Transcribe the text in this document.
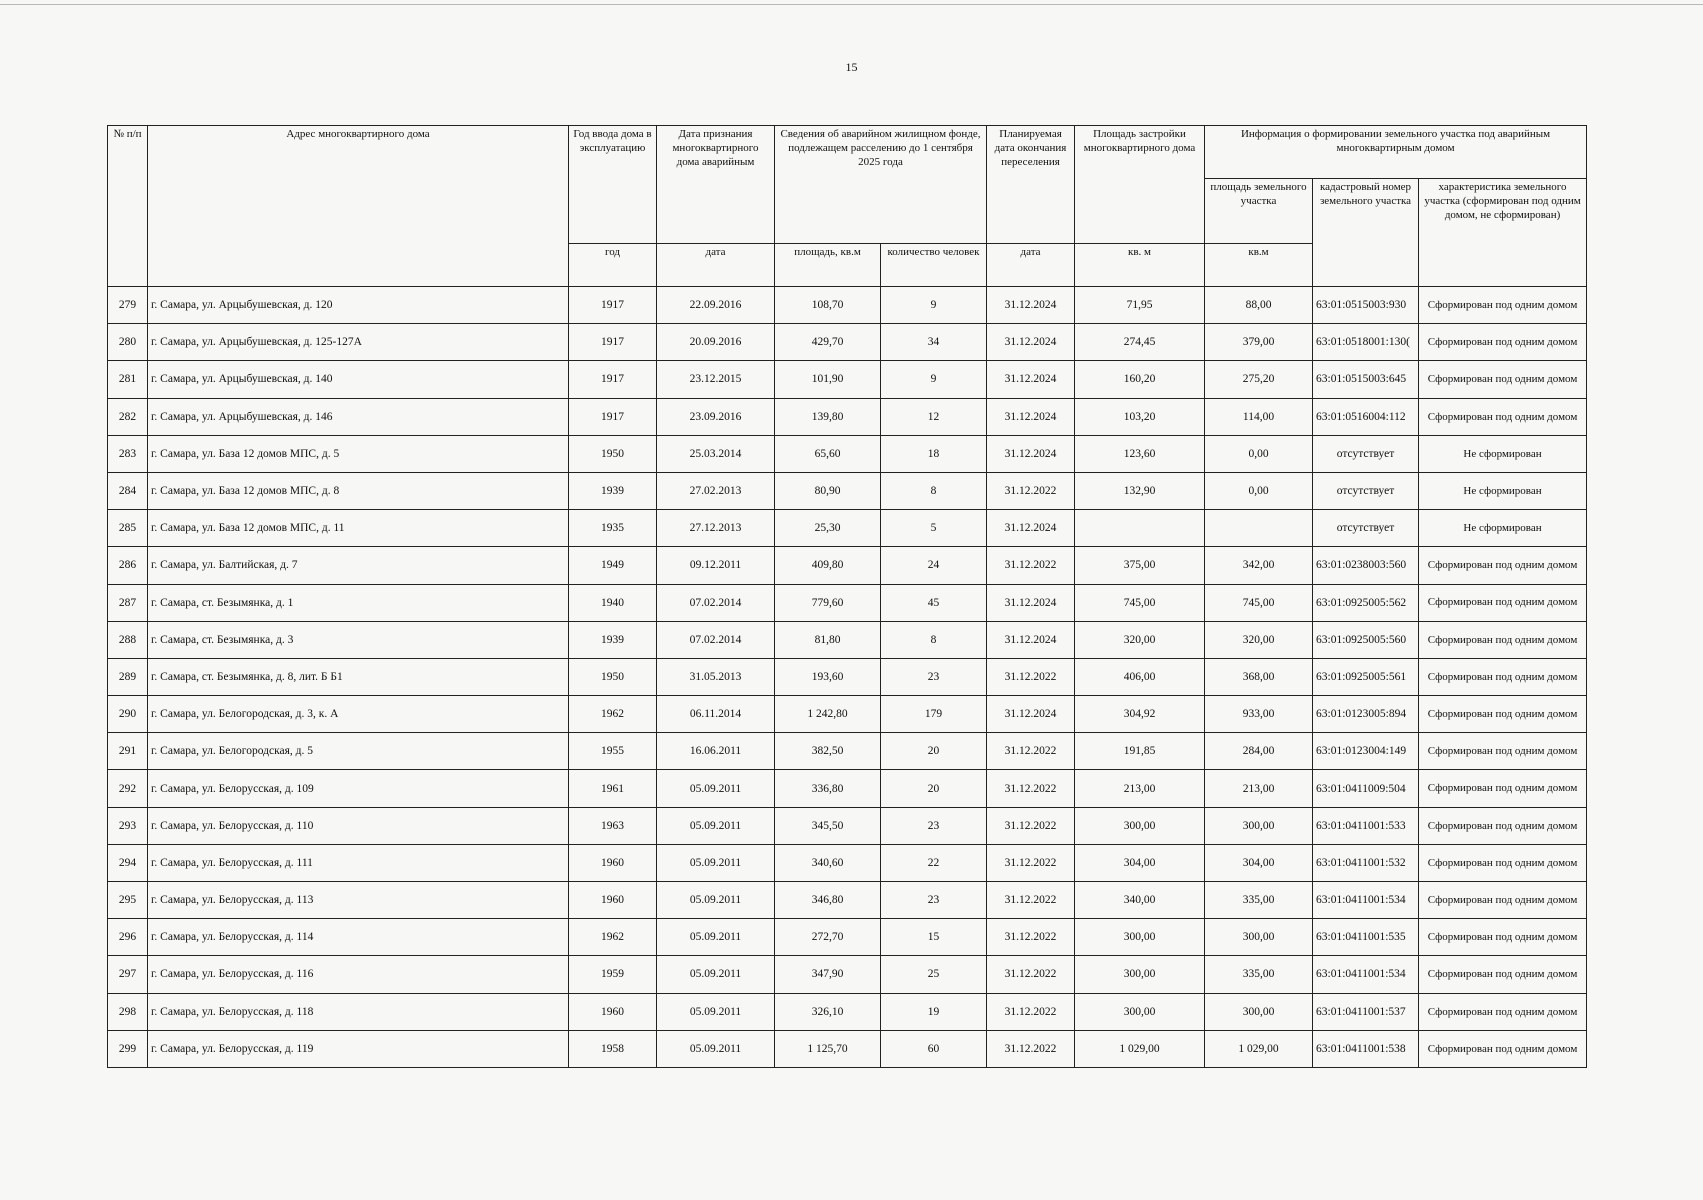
15
№ п/п	Адрес многоквартирного дома	Год ввода дома в эксплуатацию	Дата признания многоквартирного дома аварийным	Сведения об аварийном жилищном фонде, подлежащем расселению до 1 сентября 2025 года		Планируемая дата окончания переселения	Площадь застройки многоквартирного дома	Информация о формировании земельного участка под аварийным многоквартирным домом		
								площадь земельного участка	кадастровый номер земельного участка	характеристика земельного участка (сформирован под одним домом, не сформирован)
		год	дата	площадь, кв.м	количество человек	дата	кв. м	кв.м		
279	г. Самара, ул. Арцыбушевская, д. 120	1917	22.09.2016	108,70	9	31.12.2024	71,95	88,00	63:01:0515003:930	Сформирован под одним домом
280	г. Самара, ул. Арцыбушевская, д. 125-127А	1917	20.09.2016	429,70	34	31.12.2024	274,45	379,00	63:01:0518001:130(	Сформирован под одним домом
281	г. Самара, ул. Арцыбушевская, д. 140	1917	23.12.2015	101,90	9	31.12.2024	160,20	275,20	63:01:0515003:645	Сформирован под одним домом
282	г. Самара, ул. Арцыбушевская, д. 146	1917	23.09.2016	139,80	12	31.12.2024	103,20	114,00	63:01:0516004:112	Сформирован под одним домом
283	г. Самара, ул. База 12 домов МПС, д. 5	1950	25.03.2014	65,60	18	31.12.2024	123,60	0,00	отсутствует	Не сформирован
284	г. Самара, ул. База 12 домов МПС, д. 8	1939	27.02.2013	80,90	8	31.12.2022	132,90	0,00	отсутствует	Не сформирован
285	г. Самара, ул. База 12 домов МПС, д. 11	1935	27.12.2013	25,30	5	31.12.2024			отсутствует	Не сформирован
286	г. Самара, ул. Балтийская, д. 7	1949	09.12.2011	409,80	24	31.12.2022	375,00	342,00	63:01:0238003:560	Сформирован под одним домом
287	г. Самара, ст. Безымянка, д. 1	1940	07.02.2014	779,60	45	31.12.2024	745,00	745,00	63:01:0925005:562	Сформирован под одним домом
288	г. Самара, ст. Безымянка, д. 3	1939	07.02.2014	81,80	8	31.12.2024	320,00	320,00	63:01:0925005:560	Сформирован под одним домом
289	г. Самара, ст. Безымянка, д. 8, лит. Б Б1	1950	31.05.2013	193,60	23	31.12.2022	406,00	368,00	63:01:0925005:561	Сформирован под одним домом
290	г. Самара, ул. Белогородская, д. 3, к. А	1962	06.11.2014	1 242,80	179	31.12.2024	304,92	933,00	63:01:0123005:894	Сформирован под одним домом
291	г. Самара, ул. Белогородская, д. 5	1955	16.06.2011	382,50	20	31.12.2022	191,85	284,00	63:01:0123004:149	Сформирован под одним домом
292	г. Самара, ул. Белорусская, д. 109	1961	05.09.2011	336,80	20	31.12.2022	213,00	213,00	63:01:0411009:504	Сформирован под одним домом
293	г. Самара, ул. Белорусская, д. 110	1963	05.09.2011	345,50	23	31.12.2022	300,00	300,00	63:01:0411001:533	Сформирован под одним домом
294	г. Самара, ул. Белорусская, д. 111	1960	05.09.2011	340,60	22	31.12.2022	304,00	304,00	63:01:0411001:532	Сформирован под одним домом
295	г. Самара, ул. Белорусская, д. 113	1960	05.09.2011	346,80	23	31.12.2022	340,00	335,00	63:01:0411001:534	Сформирован под одним домом
296	г. Самара, ул. Белорусская, д. 114	1962	05.09.2011	272,70	15	31.12.2022	300,00	300,00	63:01:0411001:535	Сформирован под одним домом
297	г. Самара, ул. Белорусская, д. 116	1959	05.09.2011	347,90	25	31.12.2022	300,00	335,00	63:01:0411001:534	Сформирован под одним домом
298	г. Самара, ул. Белорусская, д. 118	1960	05.09.2011	326,10	19	31.12.2022	300,00	300,00	63:01:0411001:537	Сформирован под одним домом
299	г. Самара, ул. Белорусская, д. 119	1958	05.09.2011	1 125,70	60	31.12.2022	1 029,00	1 029,00	63:01:0411001:538	Сформирован под одним домом
